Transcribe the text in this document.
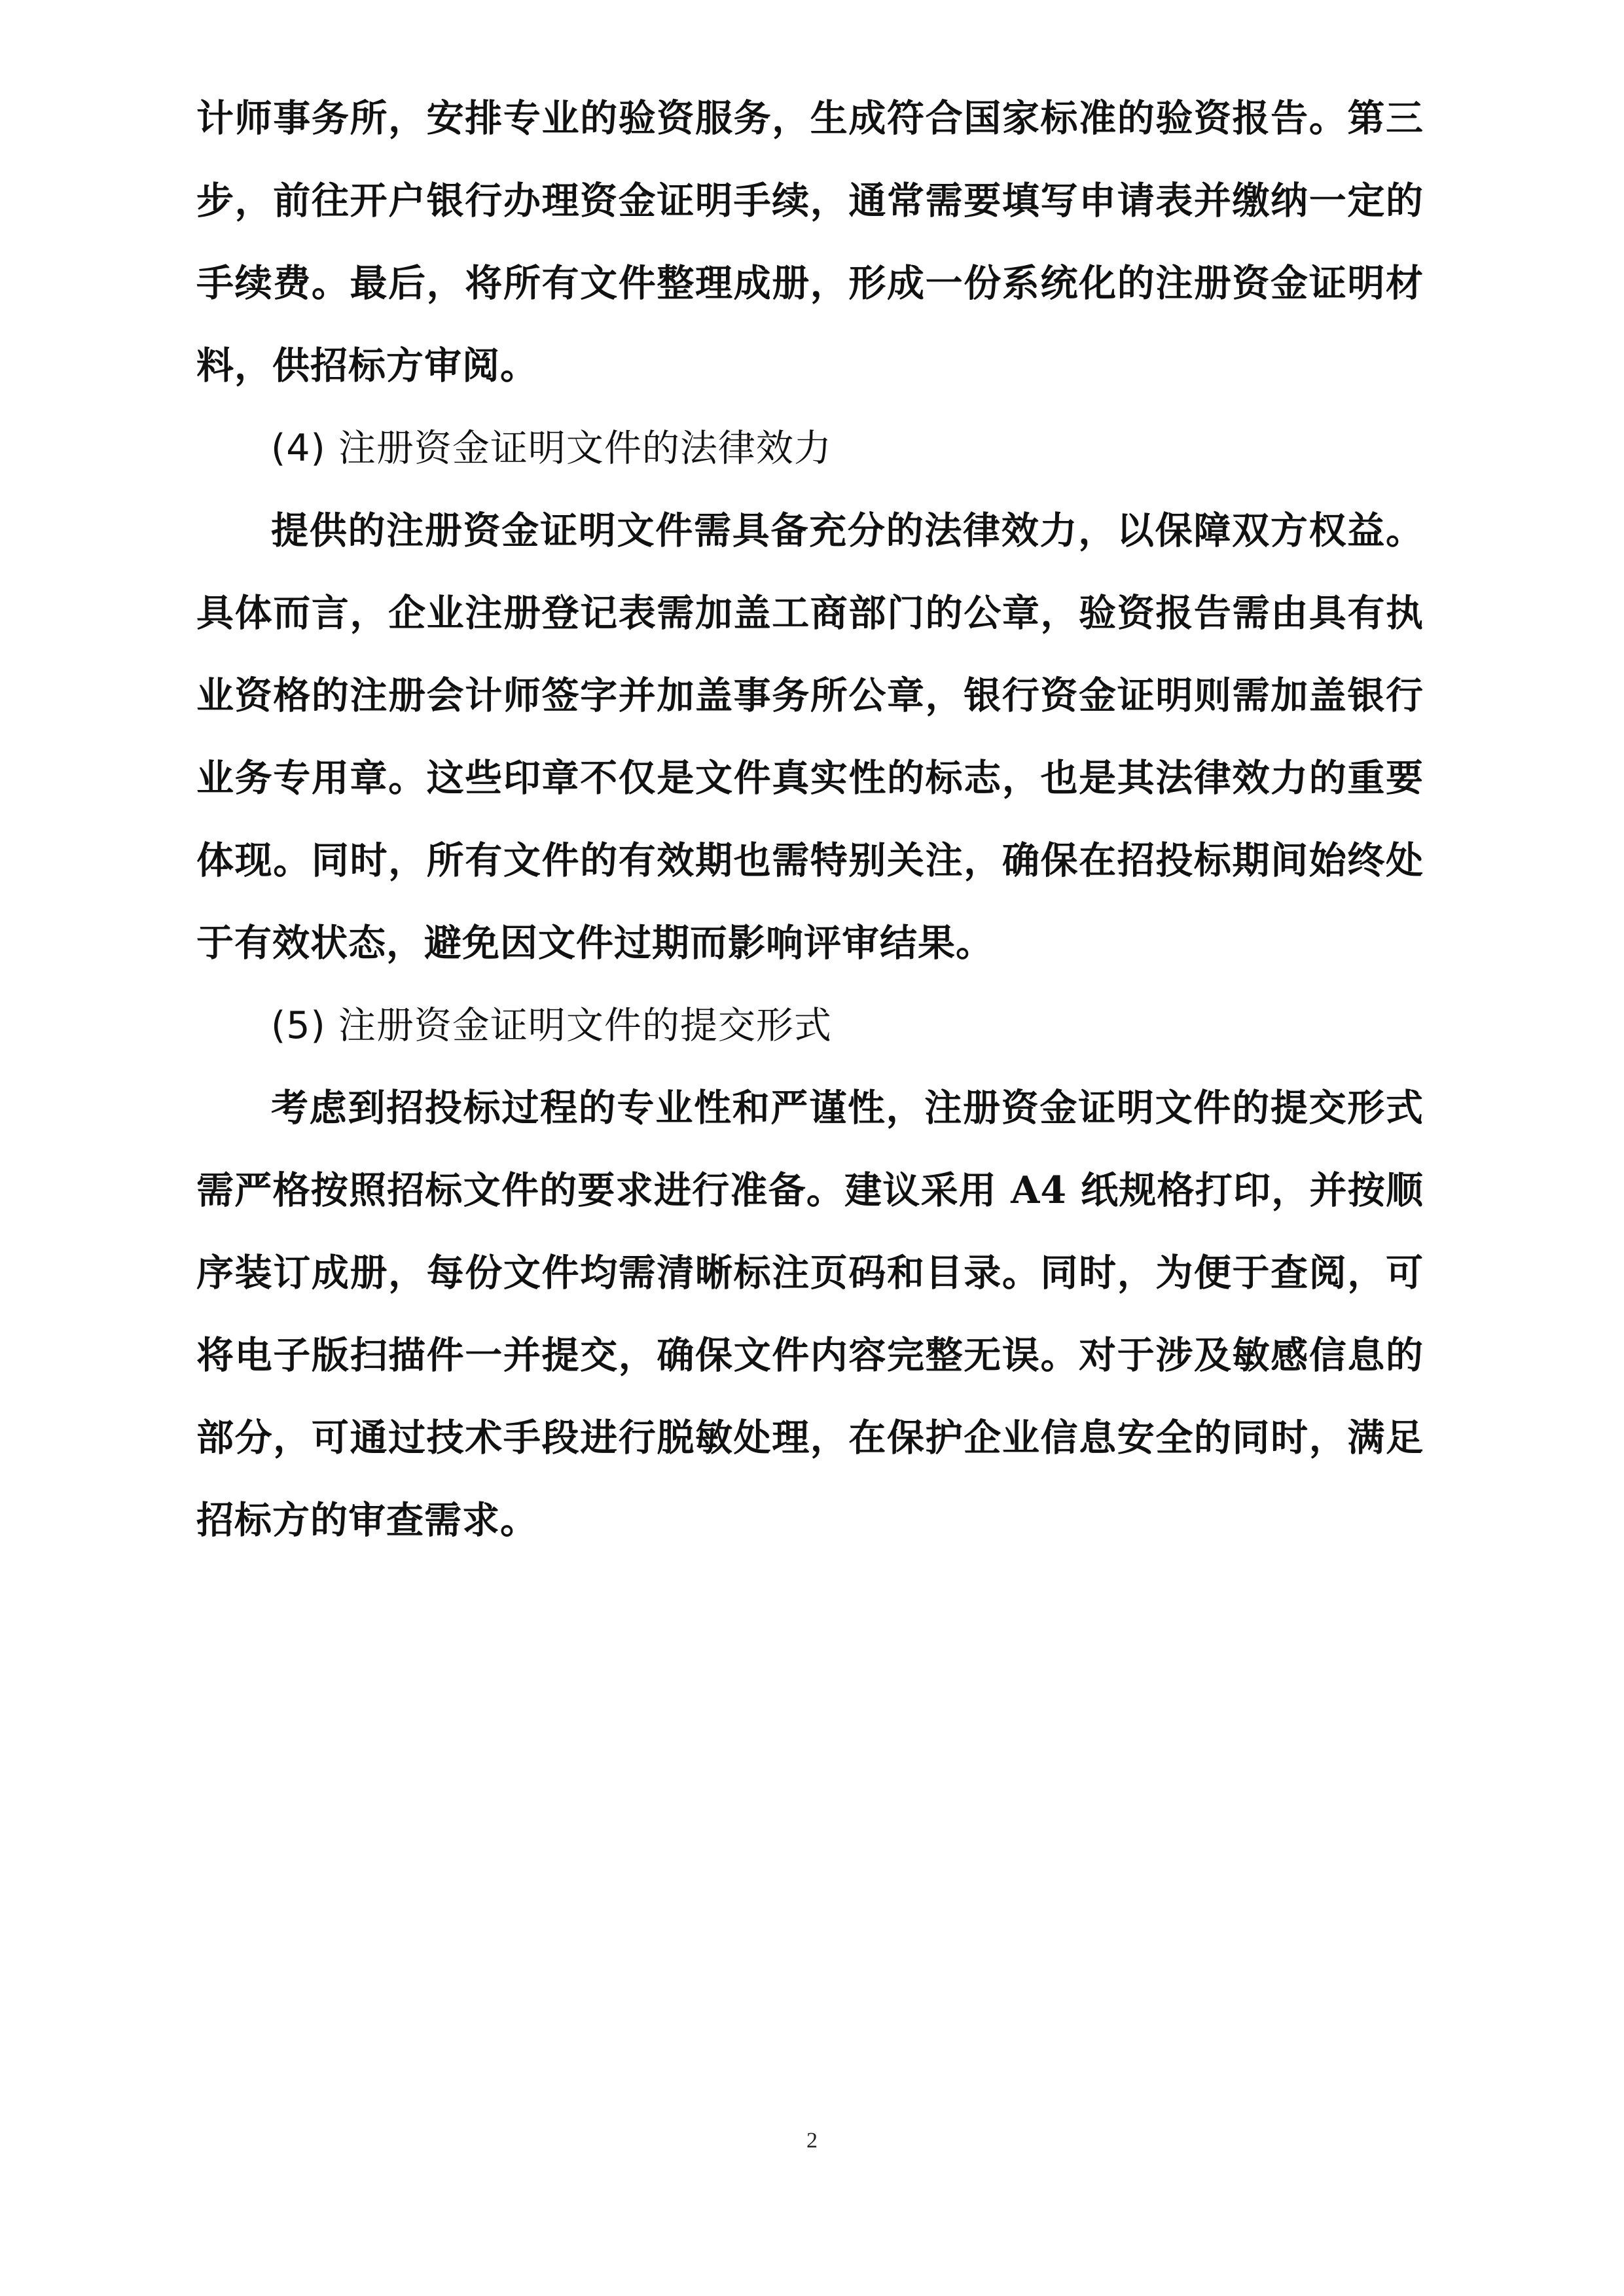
计师事务所，安排专业的验资服务，生成符合国家标准的验资报告。第三步，前往开户银行办理资金证明手续，通常需要填写申请表并缴纳一定的手续费。最后，将所有文件整理成册，形成一份系统化的注册资金证明材料，供招标方审阅。

(4) 注册资金证明文件的法律效力

提供的注册资金证明文件需具备充分的法律效力，以保障双方权益。具体而言，企业注册登记表需加盖工商部门的公章，验资报告需由具有执业资格的注册会计师签字并加盖事务所公章，银行资金证明则需加盖银行业务专用章。这些印章不仅是文件真实性的标志，也是其法律效力的重要体现。同时，所有文件的有效期也需特别关注，确保在招投标期间始终处于有效状态，避免因文件过期而影响评审结果。

(5) 注册资金证明文件的提交形式

考虑到招投标过程的专业性和严谨性，注册资金证明文件的提交形式需严格按照招标文件的要求进行准备。建议采用 A4 纸规格打印，并按顺序装订成册，每份文件均需清晰标注页码和目录。同时，为便于查阅，可将电子版扫描件一并提交，确保文件内容完整无误。对于涉及敏感信息的部分，可通过技术手段进行脱敏处理，在保护企业信息安全的同时，满足招标方的审查需求。

2
